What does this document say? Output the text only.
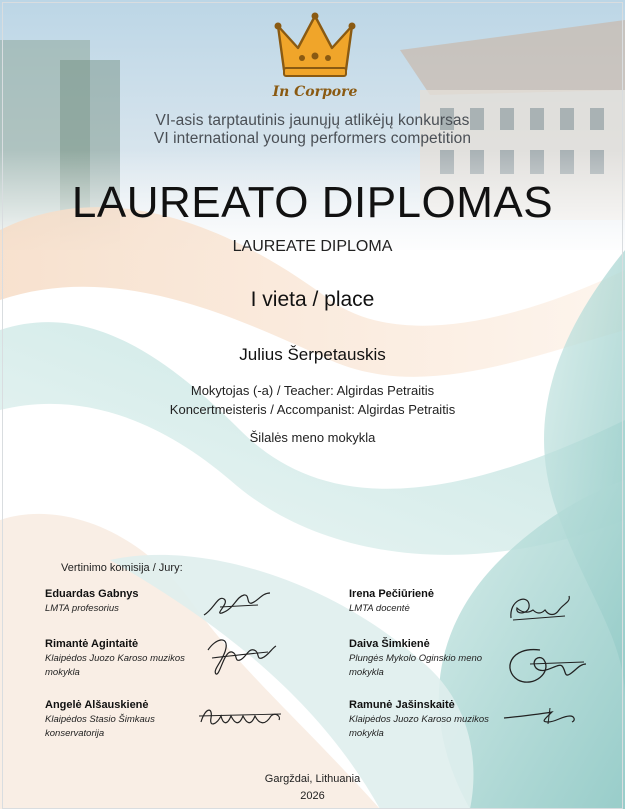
In Corpore
VI-asis tarptautinis jaunųjų atlikėjų konkursas
VI international young performers competition
LAUREATO DIPLOMAS
LAUREATE DIPLOMA
I vieta / place
Julius Šerpetauskis
Mokytojas (-a) / Teacher: Algirdas Petraitis
Koncertmeisteris / Accompanist: Algirdas Petraitis
Šilalės meno mokykla
Vertinimo komisija / Jury:
Eduardas Gabnys
LMTA profesorius
Rimantė Agintaitė
Klaipėdos Juozo Karoso muzikos mokykla
Angelė Alšauskienė
Klaipėdos Stasio Šimkaus konservatorija
Irena Pečiūrienė
LMTA docentė
Daiva Šimkienė
Plungės Mykolo Oginskio meno mokykla
Ramunė Jašinskaitė
Klaipėdos Juozo Karoso muzikos mokykla
Gargždai, Lithuania
2026
